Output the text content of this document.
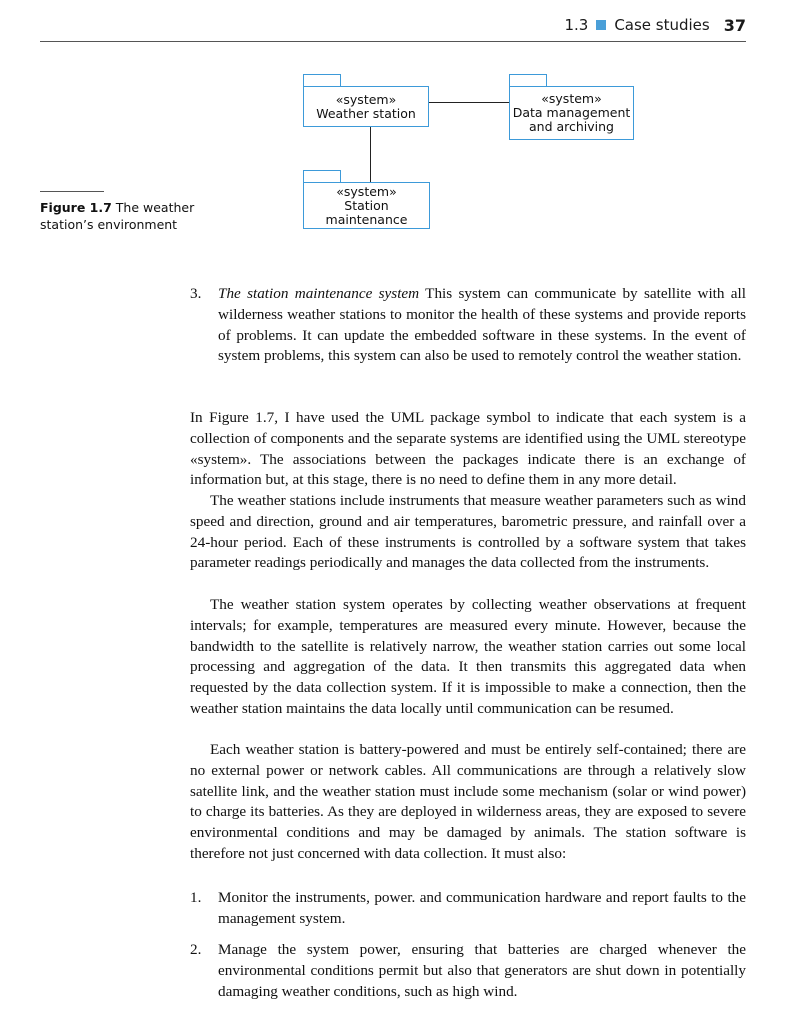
1.3 Case studies 37
«system»
Weather station
«system»
Data management
and archiving
«system»
Station maintenance
Figure 1.7 The weather station’s environment
3.	The station maintenance system This system can communicate by satellite with all wilderness weather stations to monitor the health of these systems and provide reports of problems. It can update the embedded software in these systems. In the event of system problems, this system can also be used to remotely control the weather station.

In Figure 1.7, I have used the UML package symbol to indicate that each system is a collection of components and the separate systems are identified using the UML stereotype «system». The associations between the packages indicate there is an exchange of information but, at this stage, there is no need to define them in any more detail.

The weather stations include instruments that measure weather parameters such as wind speed and direction, ground and air temperatures, barometric pressure, and rainfall over a 24-hour period. Each of these instruments is controlled by a software system that takes parameter readings periodically and manages the data collected from the instruments.

The weather station system operates by collecting weather observations at frequent intervals; for example, temperatures are measured every minute. However, because the bandwidth to the satellite is relatively narrow, the weather station carries out some local processing and aggregation of the data. It then transmits this aggregated data when requested by the data collection system. If it is impossible to make a connection, then the weather station maintains the data locally until communication can be resumed.

Each weather station is battery-powered and must be entirely self-contained; there are no external power or network cables. All communications are through a relatively slow satellite link, and the weather station must include some mechanism (solar or wind power) to charge its batteries. As they are deployed in wilderness areas, they are exposed to severe environmental conditions and may be damaged by animals. The station software is therefore not just concerned with data collection. It must also:

1.	Monitor the instruments, power. and communication hardware and report faults to the management system.
2.	Manage the system power, ensuring that batteries are charged whenever the environmental conditions permit but also that generators are shut down in potentially damaging weather conditions, such as high wind.
